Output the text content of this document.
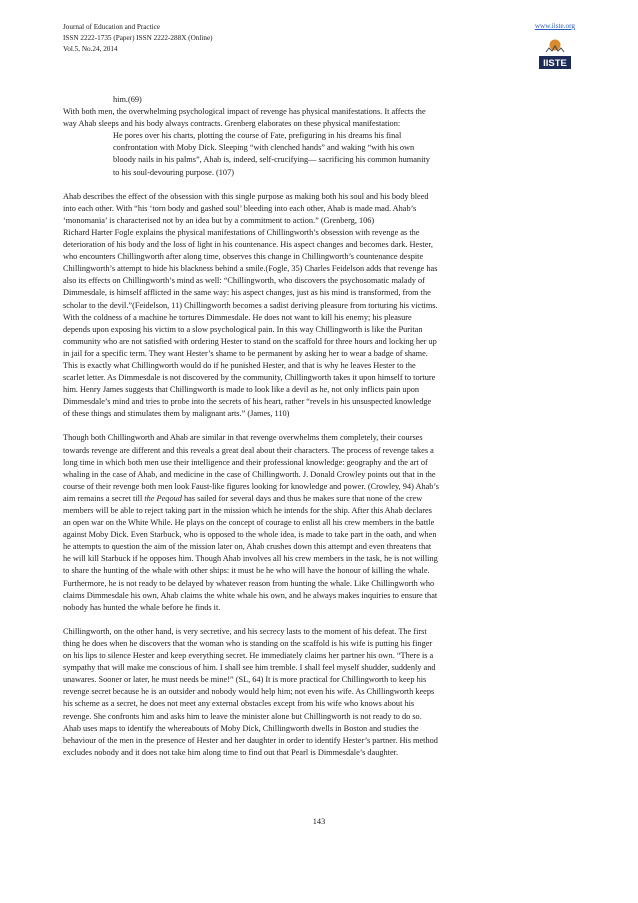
Journal of Education and Practice
ISSN 2222-1735 (Paper) ISSN 2222-288X (Online)
Vol.5, No.24, 2014
www.iiste.org
IISTE
him.(69)
With both men, the overwhelming psychological impact of revenge has physical manifestations. It affects the
way Ahab sleeps and his body always contracts. Grenberg elaborates on these physical manifestation:
He pores over his charts, plotting the course of Fate, prefiguring in his dreams his final
confrontation with Moby Dick. Sleeping “with clenched hands” and waking “with his own
bloody nails in his palms”, Ahab is, indeed, self-crucifying— sacrificing his common humanity
to his soul-devouring purpose. (107)
Ahab describes the effect of the obsession with this single purpose as making both his soul and his body bleed
into each other. With “his ‘torn body and gashed soul’ bleeding into each other, Ahab is made mad. Ahab’s
‘monomania’ is characterised not by an idea but by a commitment to action.” (Grenberg, 106)
Richard Harter Fogle explains the physical manifestations of Chillingworth’s obsession with revenge as the
deterioration of his body and the loss of light in his countenance. His aspect changes and becomes dark. Hester,
who encounters Chillingworth after along time, observes this change in Chillingworth’s countenance despite
Chillingworth’s attempt to hide his blackness behind a smile.(Fogle, 35) Charles Feidelson adds that revenge has
also its effects on Chillingworth’s mind as well: “Chillingworth, who discovers the psychosomatic malady of
Dimmesdale, is himself afflicted in the same way: his aspect changes, just as his mind is transformed, from the
scholar to the devil.”(Feidelson, 11) Chillingworth becomes a sadist deriving pleasure from torturing his victims.
With the coldness of a machine he tortures Dimmesdale. He does not want to kill his enemy; his pleasure
depends upon exposing his victim to a slow psychological pain. In this way Chillingworth is like the Puritan
community who are not satisfied with ordering Hester to stand on the scaffold for three hours and locking her up
in jail for a specific term. They want Hester’s shame to be permanent by asking her to wear a badge of shame.
This is exactly what Chillingworth would do if he punished Hester, and that is why he leaves Hester to the
scarlet letter. As Dimmesdale is not discovered by the community, Chillingworth takes it upon himself to torture
him. Henry James suggests that Chillingworth is made to look like a devil as he, not only inflicts pain upon
Dimmesdale’s mind and tries to probe into the secrets of his heart, rather “revels in his unsuspected knowledge
of these things and stimulates them by malignant arts.” (James, 110)
Though both Chillingworth and Ahab are similar in that revenge overwhelms them completely, their courses
towards revenge are different and this reveals a great deal about their characters. The process of revenge takes a
long time in which both men use their intelligence and their professional knowledge: geography and the art of
whaling in the case of Ahab, and medicine in the case of Chillingworth. J. Donald Crowley points out that in the
course of their revenge both men look Faust-like figures looking for knowledge and power. (Crowley, 94) Ahab’s
aim remains a secret till the Peqoud has sailed for several days and thus he makes sure that none of the crew
members will be able to reject taking part in the mission which he intends for the ship. After this Ahab declares
an open war on the White While. He plays on the concept of courage to enlist all his crew members in the battle
against Moby Dick. Even Starbuck, who is opposed to the whole idea, is made to take part in the oath, and when
he attempts to question the aim of the mission later on, Ahab crushes down this attempt and even threatens that
he will kill Starbuck if he opposes him. Though Ahab involves all his crew members in the task, he is not willing
to share the hunting of the whale with other ships: it must be he who will have the honour of killing the whale.
Furthermore, he is not ready to be delayed by whatever reason from hunting the whale. Like Chillingworth who
claims Dimmesdale his own, Ahab claims the white whale his own, and he always makes inquiries to ensure that
nobody has hunted the whale before he finds it.
Chillingworth, on the other hand, is very secretive, and his secrecy lasts to the moment of his defeat. The first
thing he does when he discovers that the woman who is standing on the scaffold is his wife is putting his finger
on his lips to silence Hester and keep everything secret. He immediately claims her partner his own. “There is a
sympathy that will make me conscious of him. I shall see him tremble. I shall feel myself shudder, suddenly and
unawares. Sooner or later, he must needs be mine!” (SL, 64) It is more practical for Chillingworth to keep his
revenge secret because he is an outsider and nobody would help him; not even his wife. As Chillingworth keeps
his scheme as a secret, he does not meet any external obstacles except from his wife who knows about his
revenge. She confronts him and asks him to leave the minister alone but Chillingworth is not ready to do so.
Ahab uses maps to identify the whereabouts of Moby Dick, Chillingworth dwells in Boston and studies the
behaviour of the men in the presence of Hester and her daughter in order to identify Hester’s partner. His method
excludes nobody and it does not take him along time to find out that Pearl is Dimmesdale’s daughter.
143
